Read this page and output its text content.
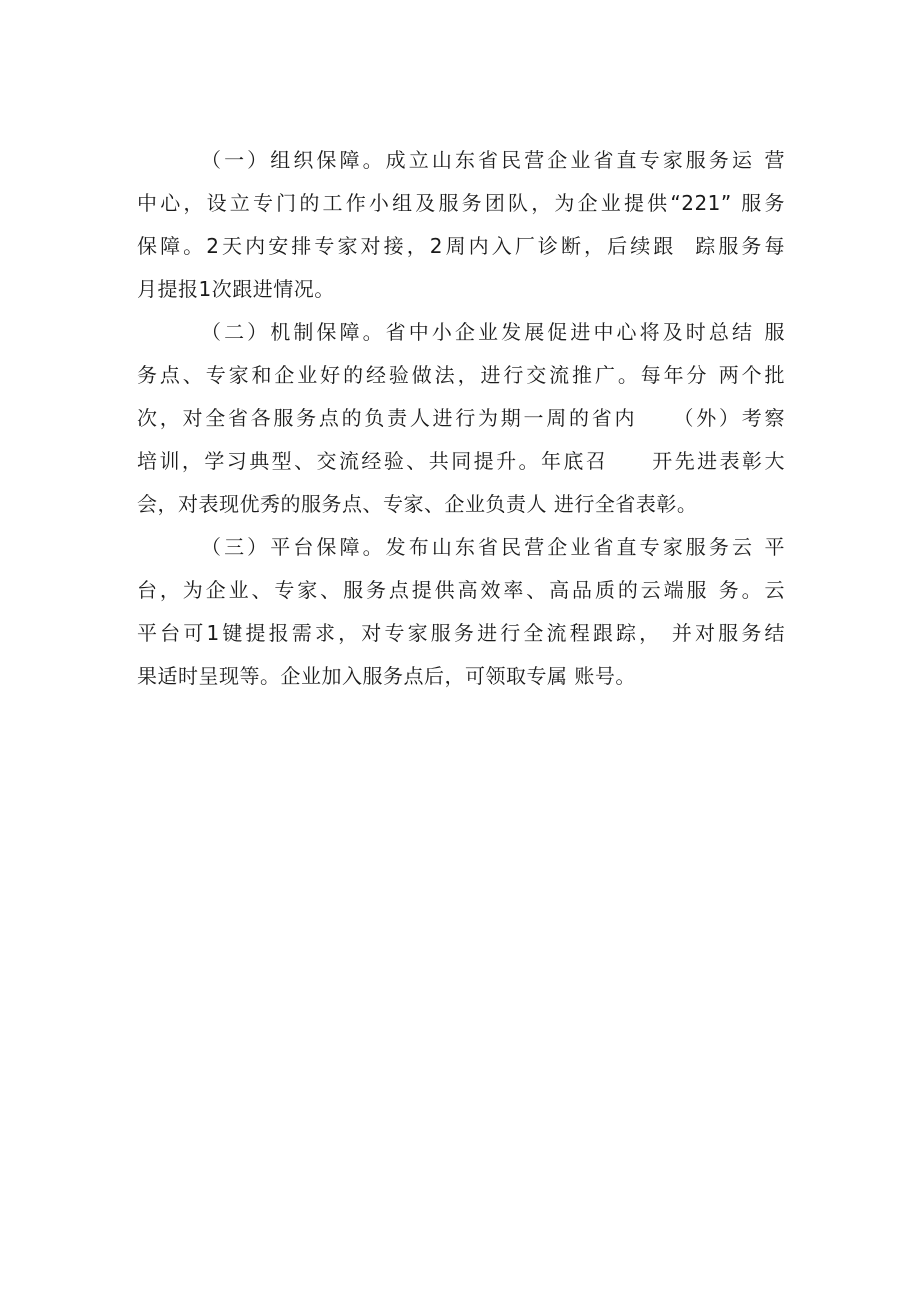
（一）组织保障。成立山东省民营企业省直专家服务运 营
中心，设立专门的工作小组及服务团队，为企业提供“221” 服务
保障。2天内安排专家对接，2周内入厂诊断，后续跟  踪服务每
月提报1次跟进情况。
（二）机制保障。省中小企业发展促进中心将及时总结 服
务点、专家和企业好的经验做法，进行交流推广。每年分 两个批
次，对全省各服务点的负责人进行为期一周的省内    （外）考察
培训，学习典型、交流经验、共同提升。年底召     开先进表彰大
会，对表现优秀的服务点、专家、企业负责人 进行全省表彰。
（三）平台保障。发布山东省民营企业省直专家服务云 平
台，为企业、专家、服务点提供高效率、高品质的云端服 务。云
平台可1键提报需求，对专家服务进行全流程跟踪， 并对服务结
果适时呈现等。企业加入服务点后，可领取专属 账号。
